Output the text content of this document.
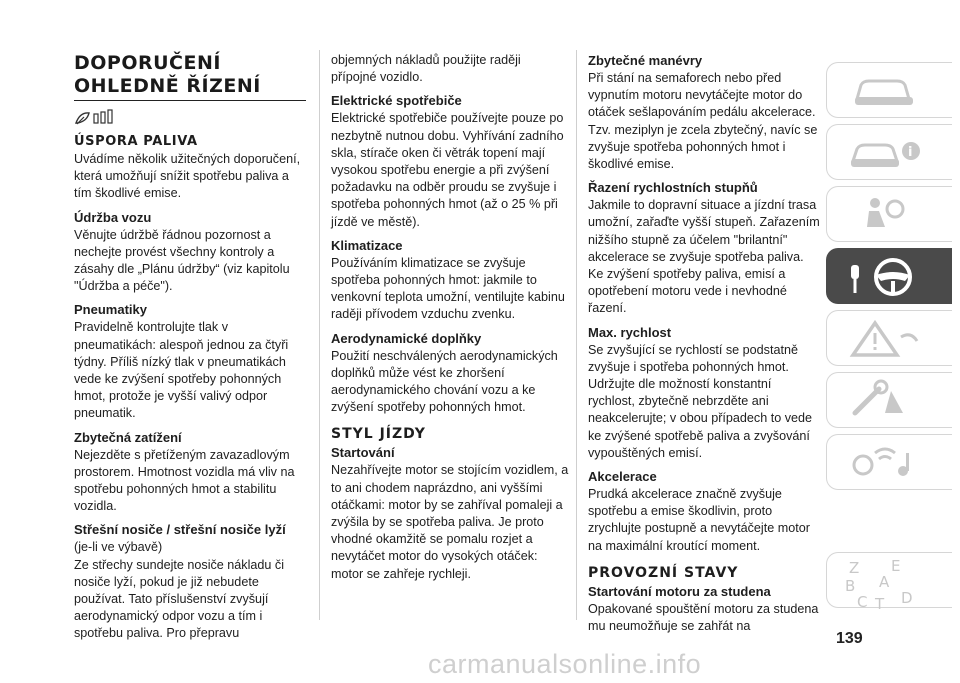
DOPORUČENÍ
OHLEDNĚ ŘÍZENÍ
ÚSPORA PALIVA

Uvádíme několik užitečných doporučení, která umožňují snížit spotřebu paliva a tím škodlivé emise.

Údržba vozu

Věnujte údržbě řádnou pozornost a nechejte provést všechny kontroly a zásahy dle „Plánu údržby“ (viz kapitolu "Údržba a péče").

Pneumatiky

Pravidelně kontrolujte tlak v pneumatikách: alespoň jednou za čtyři týdny. Příliš nízký tlak v pneumatikách vede ke zvýšení spotřeby pohonných hmot, protože je vyšší valivý odpor pneumatik.

Zbytečná zatížení

Nejezděte s přetíženým zavazadlovým prostorem. Hmotnost vozidla má vliv na spotřebu pohonných hmot a stabilitu vozidla.

Střešní nosiče / střešní nosiče lyží

(je-li ve výbavě)

Ze střechy sundejte nosiče nákladu či nosiče lyží, pokud je již nebudete používat. Tato příslušenství zvyšují aerodynamický odpor vozu a tím i spotřebu paliva. Pro přepravu

objemných nákladů použijte raději přípojné vozidlo.

Elektrické spotřebiče

Elektrické spotřebiče používejte pouze po nezbytně nutnou dobu. Vyhřívání zadního skla, stírače oken či větrák topení mají vysokou spotřebu energie a při zvýšení požadavku na odběr proudu se zvyšuje i spotřeba pohonných hmot (až o 25 % při jízdě ve městě).

Klimatizace

Používáním klimatizace se zvyšuje spotřeba pohonných hmot: jakmile to venkovní teplota umožní, ventilujte kabinu raději přívodem vzduchu zvenku.

Aerodynamické doplňky

Použití neschválených aerodynamických doplňků může vést ke zhoršení aerodynamického chování vozu a ke zvýšení spotřeby pohonných hmot.

STYL JÍZDY
Startování

Nezahřívejte motor se stojícím vozidlem, a to ani chodem naprázdno, ani vyššími otáčkami: motor by se zahříval pomaleji a zvýšila by se spotřeba paliva. Je proto vhodné okamžitě se pomalu rozjet a nevytáčet motor do vysokých otáček: motor se zahřeje rychleji.

Zbytečné manévry

Při stání na semaforech nebo před vypnutím motoru nevytáčejte motor do otáček sešlapováním pedálu akcelerace. Tzv. meziplyn je zcela zbytečný, navíc se zvyšuje spotřeba pohonných hmot i škodlivé emise.

Řazení rychlostních stupňů

Jakmile to dopravní situace a jízdní trasa umožní, zařaďte vyšší stupeň. Zařazením nižšího stupně za účelem "brilantní" akcelerace se zvyšuje spotřeba paliva. Ke zvýšení spotřeby paliva, emisí a opotřebení motoru vede i nevhodné řazení.

Max. rychlost

Se zvyšující se rychlostí se podstatně zvyšuje i spotřeba pohonných hmot. Udržujte dle možností konstantní rychlost, zbytečně nebrzděte ani neakcelerujte; v obou případech to vede ke zvýšené spotřebě paliva a zvyšování vypouštěných emisí.

Akcelerace

Prudká akcelerace značně zvyšuje spotřebu a emise škodlivin, proto zrychlujte postupně a nevytáčejte motor na maximální kroutící moment.

PROVOZNÍ STAVY
Startování motoru za studena

Opakované spouštění motoru za studena mu neumožňuje se zahřát na

i
Z E
B A
C T D
139
carmanualsonline.info
